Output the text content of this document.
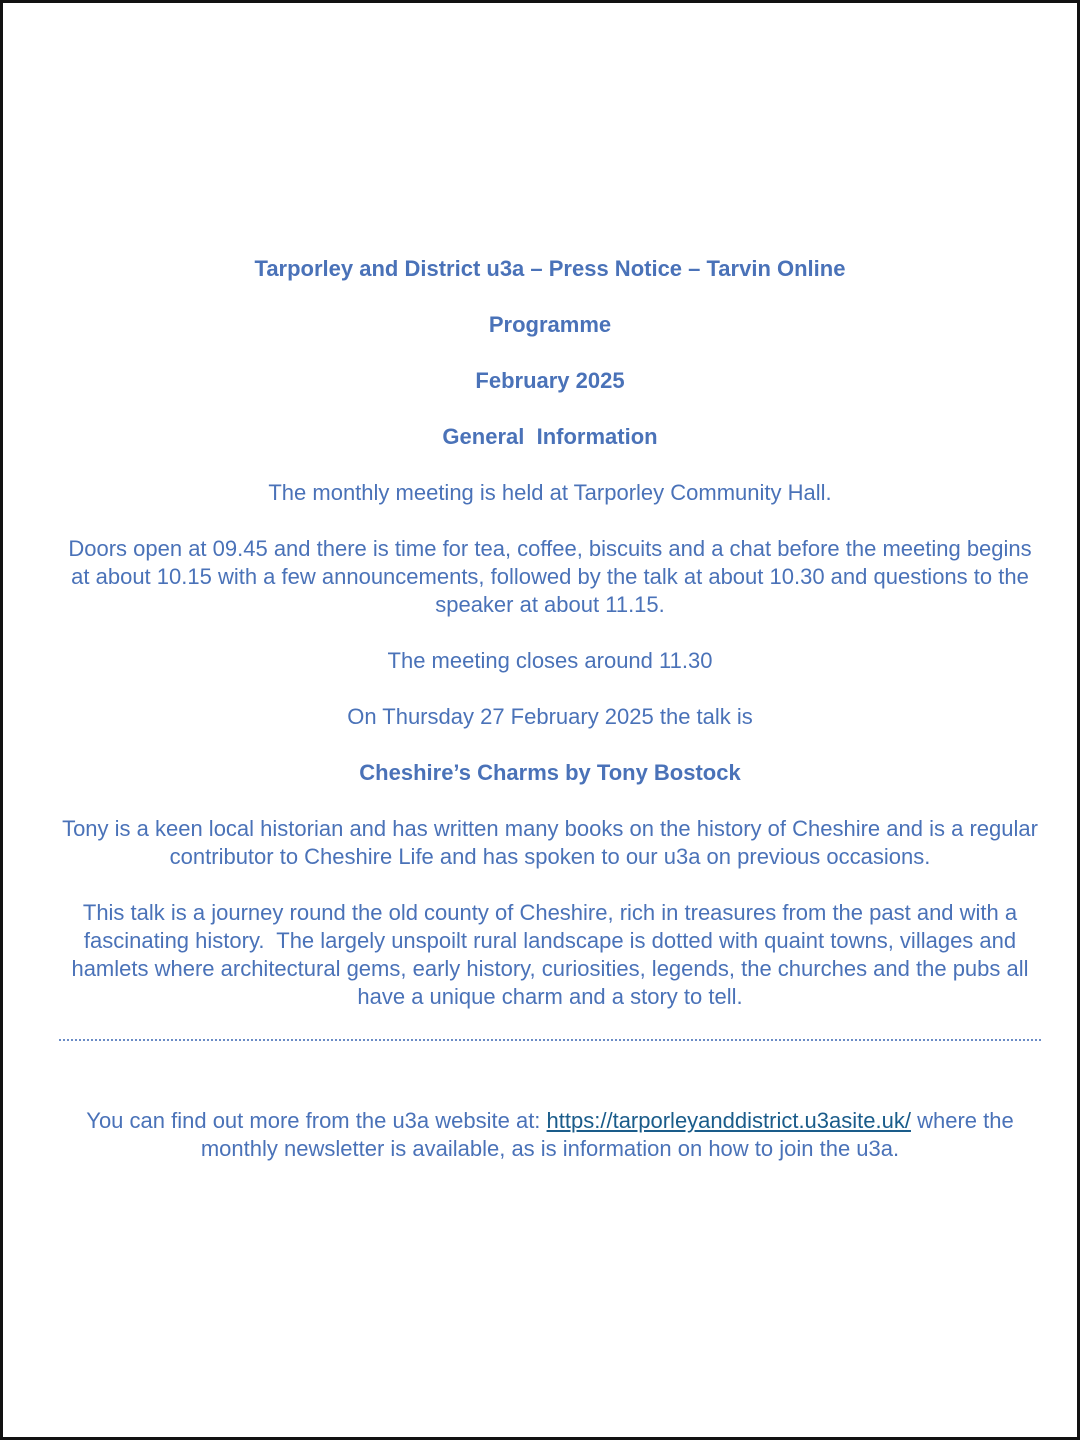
Tarporley and District u3a – Press Notice – Tarvin Online
Programme
February 2025
General  Information
The monthly meeting is held at Tarporley Community Hall.
Doors open at 09.45 and there is time for tea, coffee, biscuits and a chat before the meeting begins at about 10.15 with a few announcements, followed by the talk at about 10.30 and questions to the speaker at about 11.15.
The meeting closes around 11.30
On Thursday 27 February 2025 the talk is
Cheshire’s Charms by Tony Bostock
Tony is a keen local historian and has written many books on the history of Cheshire and is a regular contributor to Cheshire Life and has spoken to our u3a on previous occasions.
This talk is a journey round the old county of Cheshire, rich in treasures from the past and with a fascinating history.  The largely unspoilt rural landscape is dotted with quaint towns, villages and hamlets where architectural gems, early history, curiosities, legends, the churches and the pubs all have a unique charm and a story to tell.
You can find out more from the u3a website at: https://tarporleyanddistrict.u3asite.uk/ where the monthly newsletter is available, as is information on how to join the u3a.
